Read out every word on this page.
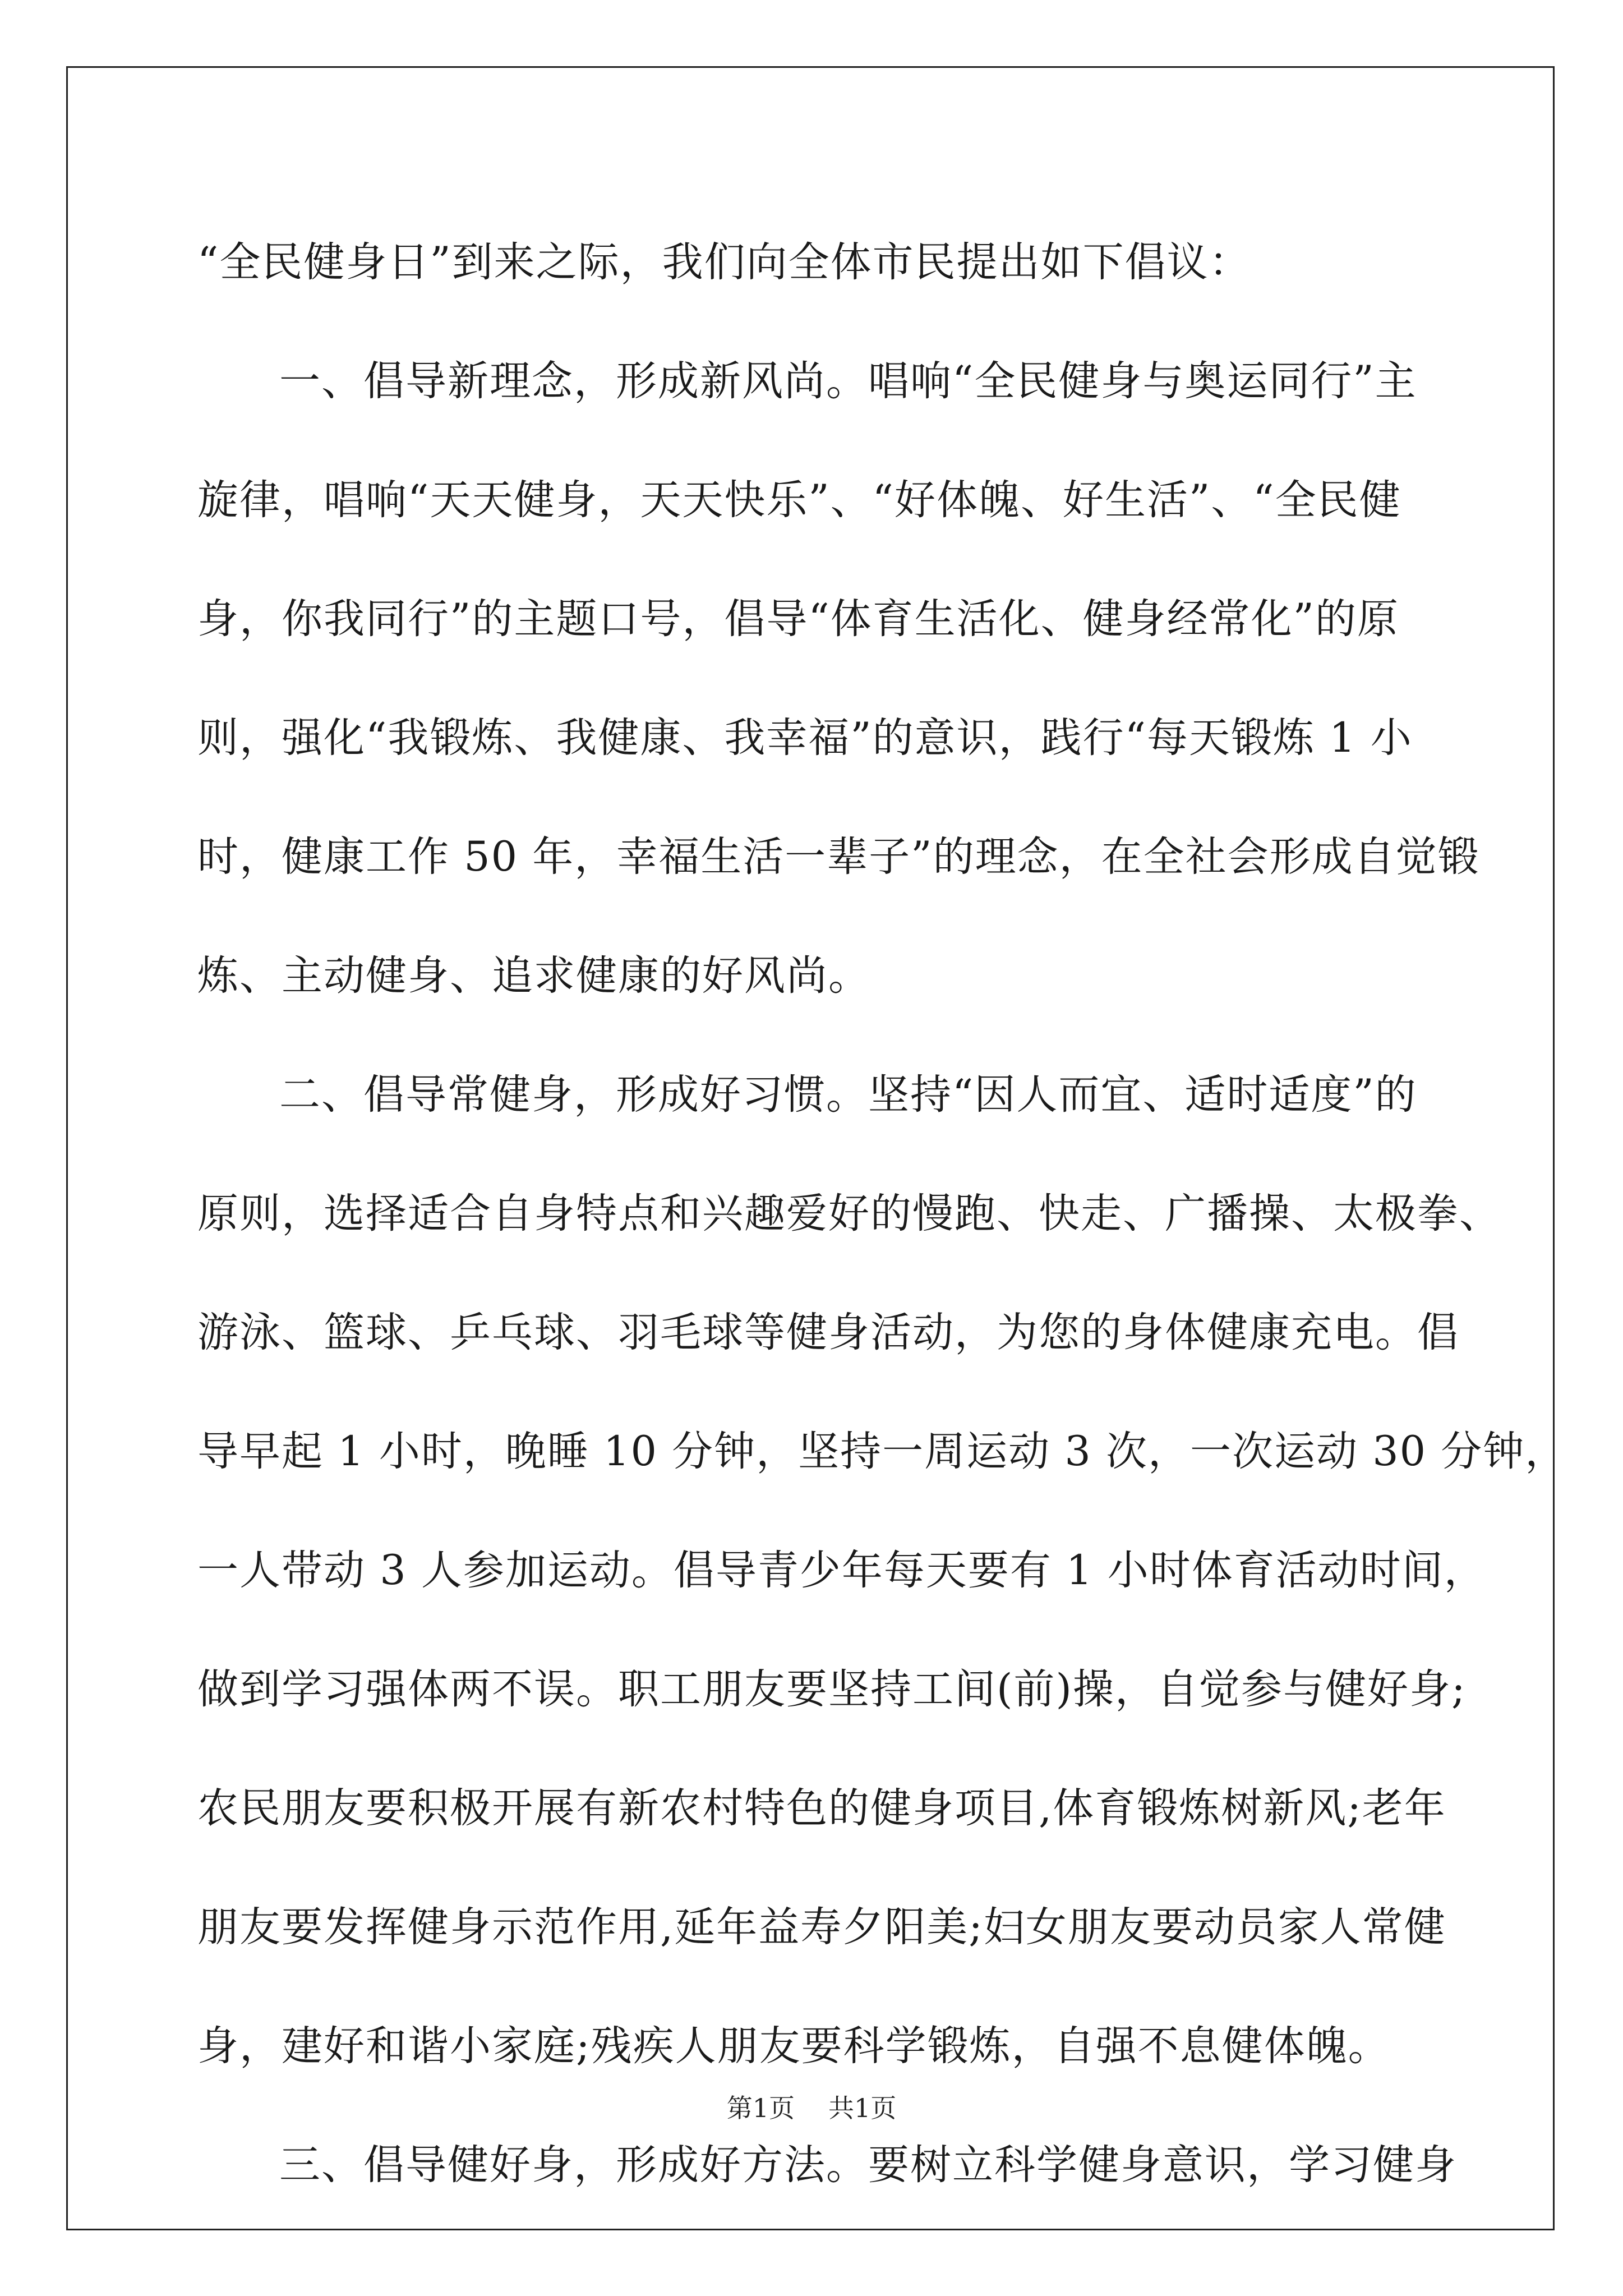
“全民健身日”到来之际，我们向全体市民提出如下倡议：
一、倡导新理念，形成新风尚。唱响“全民健身与奥运同行”主
旋律，唱响“天天健身，天天快乐”、“好体魄、好生活”、“全民健
身，你我同行”的主题口号，倡导“体育生活化、健身经常化”的原
则，强化“我锻炼、我健康、我幸福”的意识，践行“每天锻炼 1 小
时，健康工作 50 年，幸福生活一辈子”的理念，在全社会形成自觉锻
炼、主动健身、追求健康的好风尚。
二、倡导常健身，形成好习惯。坚持“因人而宜、适时适度”的
原则，选择适合自身特点和兴趣爱好的慢跑、快走、广播操、太极拳、
游泳、篮球、乒乓球、羽毛球等健身活动，为您的身体健康充电。倡
导早起 1 小时，晚睡 10 分钟，坚持一周运动 3 次，一次运动 30 分钟，
一人带动 3 人参加运动。倡导青少年每天要有 1 小时体育活动时间，
做到学习强体两不误。职工朋友要坚持工间(前)操，自觉参与健好身;
农民朋友要积极开展有新农村特色的健身项目,体育锻炼树新风;老年
朋友要发挥健身示范作用,延年益寿夕阳美;妇女朋友要动员家人常健
身，建好和谐小家庭;残疾人朋友要科学锻炼，自强不息健体魄。
三、倡导健好身，形成好方法。要树立科学健身意识，学习健身
第1页 共1页
